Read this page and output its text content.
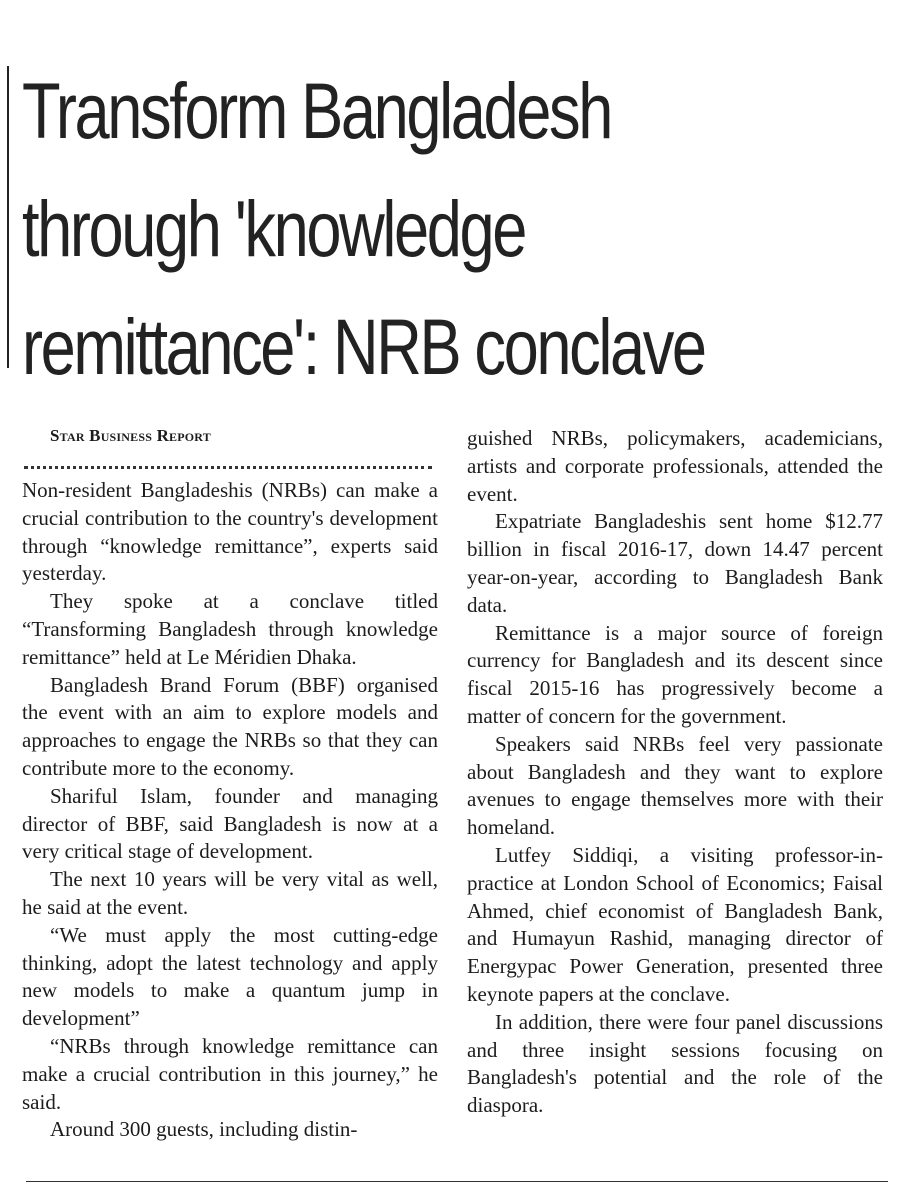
Transform Bangladesh
through 'knowledge
remittance': NRB conclave

Star Business Report

Non-resident Bangladeshis (NRBs) can make a crucial contribution to the country's development through “knowledge remittance”, experts said yesterday.

They spoke at a conclave titled “Transforming Bangladesh through knowledge remittance” held at Le Méridien Dhaka.

Bangladesh Brand Forum (BBF) organised the event with an aim to explore models and approaches to engage the NRBs so that they can contribute more to the economy.

Shariful Islam, founder and managing director of BBF, said Bangladesh is now at a very critical stage of development.

The next 10 years will be very vital as well, he said at the event.

“We must apply the most cutting-edge thinking, adopt the latest technology and apply new models to make a quantum jump in development”

“NRBs through knowledge remittance can make a crucial contribution in this journey,” he said.

Around 300 guests, including distin-

guished NRBs, policymakers, academicians, artists and corporate professionals, attended the event.

Expatriate Bangladeshis sent home $12.77 billion in fiscal 2016-17, down 14.47 percent year-on-year, according to Bangladesh Bank data.

Remittance is a major source of foreign currency for Bangladesh and its descent since fiscal 2015-16 has progressively become a matter of concern for the government.

Speakers said NRBs feel very passionate about Bangladesh and they want to explore avenues to engage themselves more with their homeland.

Lutfey Siddiqi, a visiting professor-in-practice at London School of Economics; Faisal Ahmed, chief economist of Bangladesh Bank, and Humayun Rashid, managing director of Energypac Power Generation, presented three keynote papers at the conclave.

In addition, there were four panel discussions and three insight sessions focusing on Bangladesh's potential and the role of the diaspora.
